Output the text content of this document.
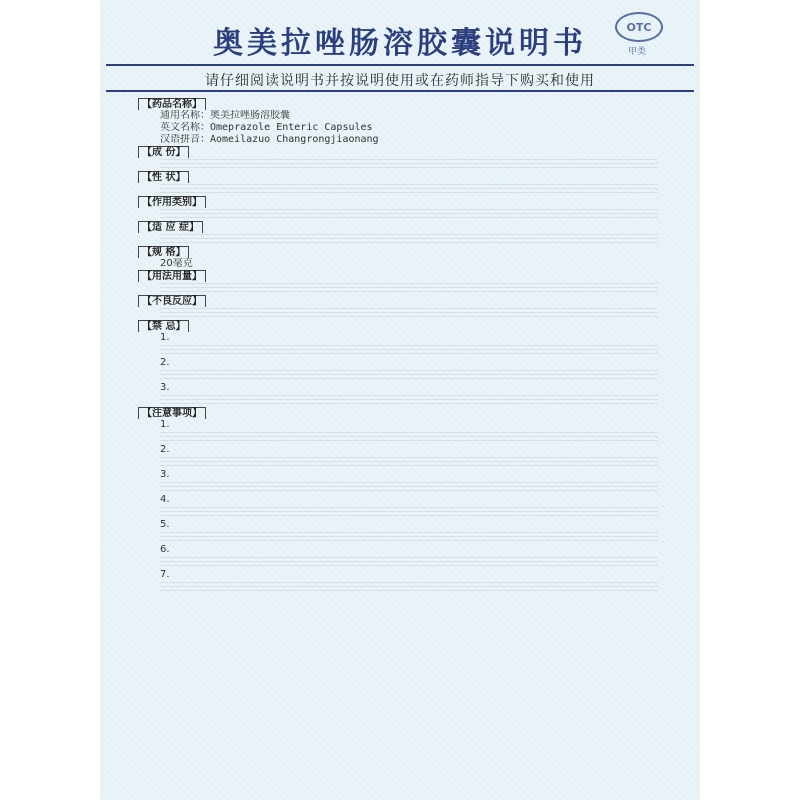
奥美拉唑肠溶胶囊说明书	OTC
甲类
请仔细阅读说明书并按说明使用或在药师指导下购买和使用
【药品名称】
通用名称：奥美拉唑肠溶胶囊
英文名称：Omeprazole Enteric Capsules
汉语拼音：Aomeilazuo Changrongjiaonang
【成 份】
【性 状】
【作用类别】
【适 应 症】
【规 格】
20毫克
【用法用量】
【不良反应】
【禁 忌】
1.
2.
3.
【注意事项】
1.
2.
3.
4.
5.
6.
7.
